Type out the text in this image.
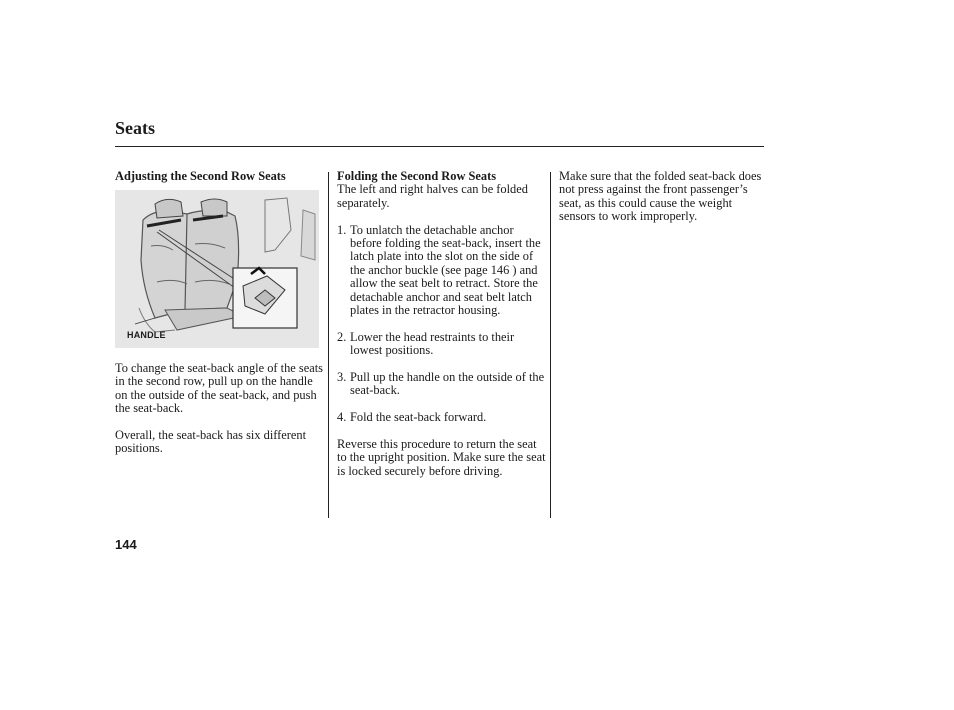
Seats

Adjusting the Second Row Seats

HANDLE

To change the seat-back angle of the seats in the second row, pull up on the handle on the outside of the seat-back, and push the seat-back.

Overall, the seat-back has six different positions.

Folding the Second Row Seats

The left and right halves can be folded separately.

1. To unlatch the detachable anchor before folding the seat-back, insert the latch plate into the slot on the side of the anchor buckle (see page 146 ) and allow the seat belt to retract. Store the detachable anchor and seat belt latch plates in the retractor housing.
2. Lower the head restraints to their lowest positions.
3. Pull up the handle on the outside of the seat-back.
4. Fold the seat-back forward.

Reverse this procedure to return the seat to the upright position. Make sure the seat is locked securely before driving.

Make sure that the folded seat-back does not press against the front passenger’s seat, as this could cause the weight sensors to work improperly.

144
